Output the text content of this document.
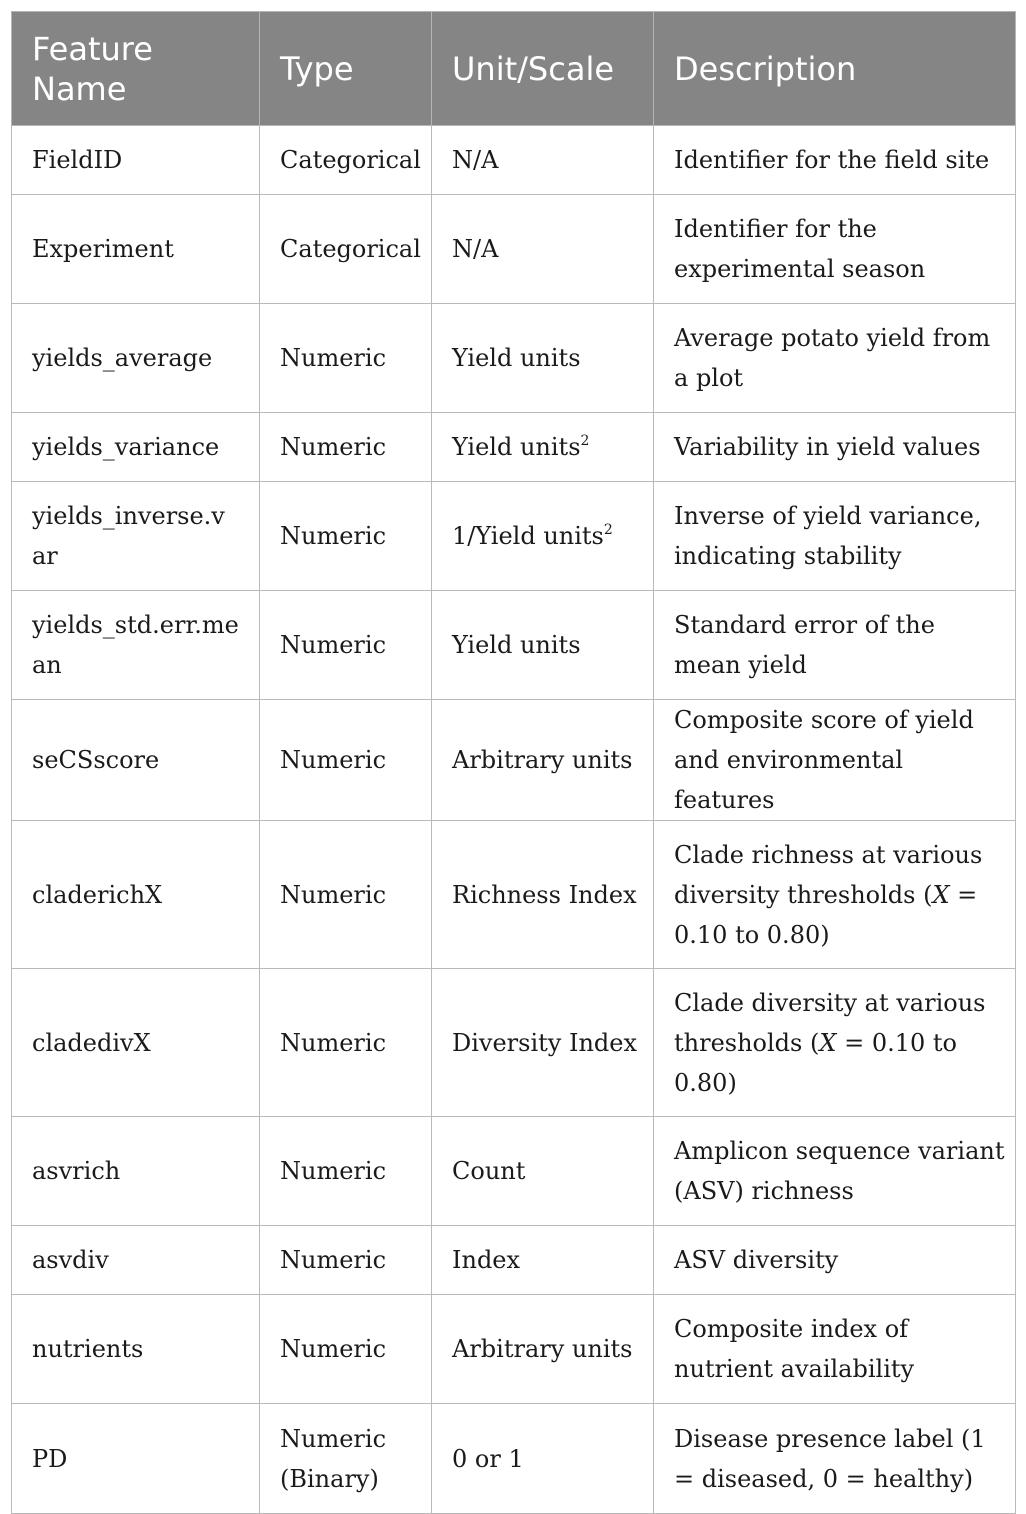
Feature Name	Type	Unit/Scale	Description
FieldID	Categorical	N/A	Identifier for the field site
Experiment	Categorical	N/A	Identifier for the experimental season
yields_average	Numeric	Yield units	Average potato yield from a plot
yields_variance	Numeric	Yield units$^2$	Variability in yield values
yields_inverse.var	Numeric	1/Yield units$^2$	Inverse of yield variance, indicating stability
yields_std.err.mean	Numeric	Yield units	Standard error of the mean yield
seCSscore	Numeric	Arbitrary units	Composite score of yield and environmental features
claderichX	Numeric	Richness Index	Clade richness at various diversity thresholds (X = 0.10 to 0.80)
cladedivX	Numeric	Diversity Index	Clade diversity at various thresholds (X = 0.10 to 0.80)
asvrich	Numeric	Count	Amplicon sequence variant (ASV) richness
asvdiv	Numeric	Index	ASV diversity
nutrients	Numeric	Arbitrary units	Composite index of nutrient availability
PD	Numeric (Binary)	0 or 1	Disease presence label (1 = diseased, 0 = healthy)
